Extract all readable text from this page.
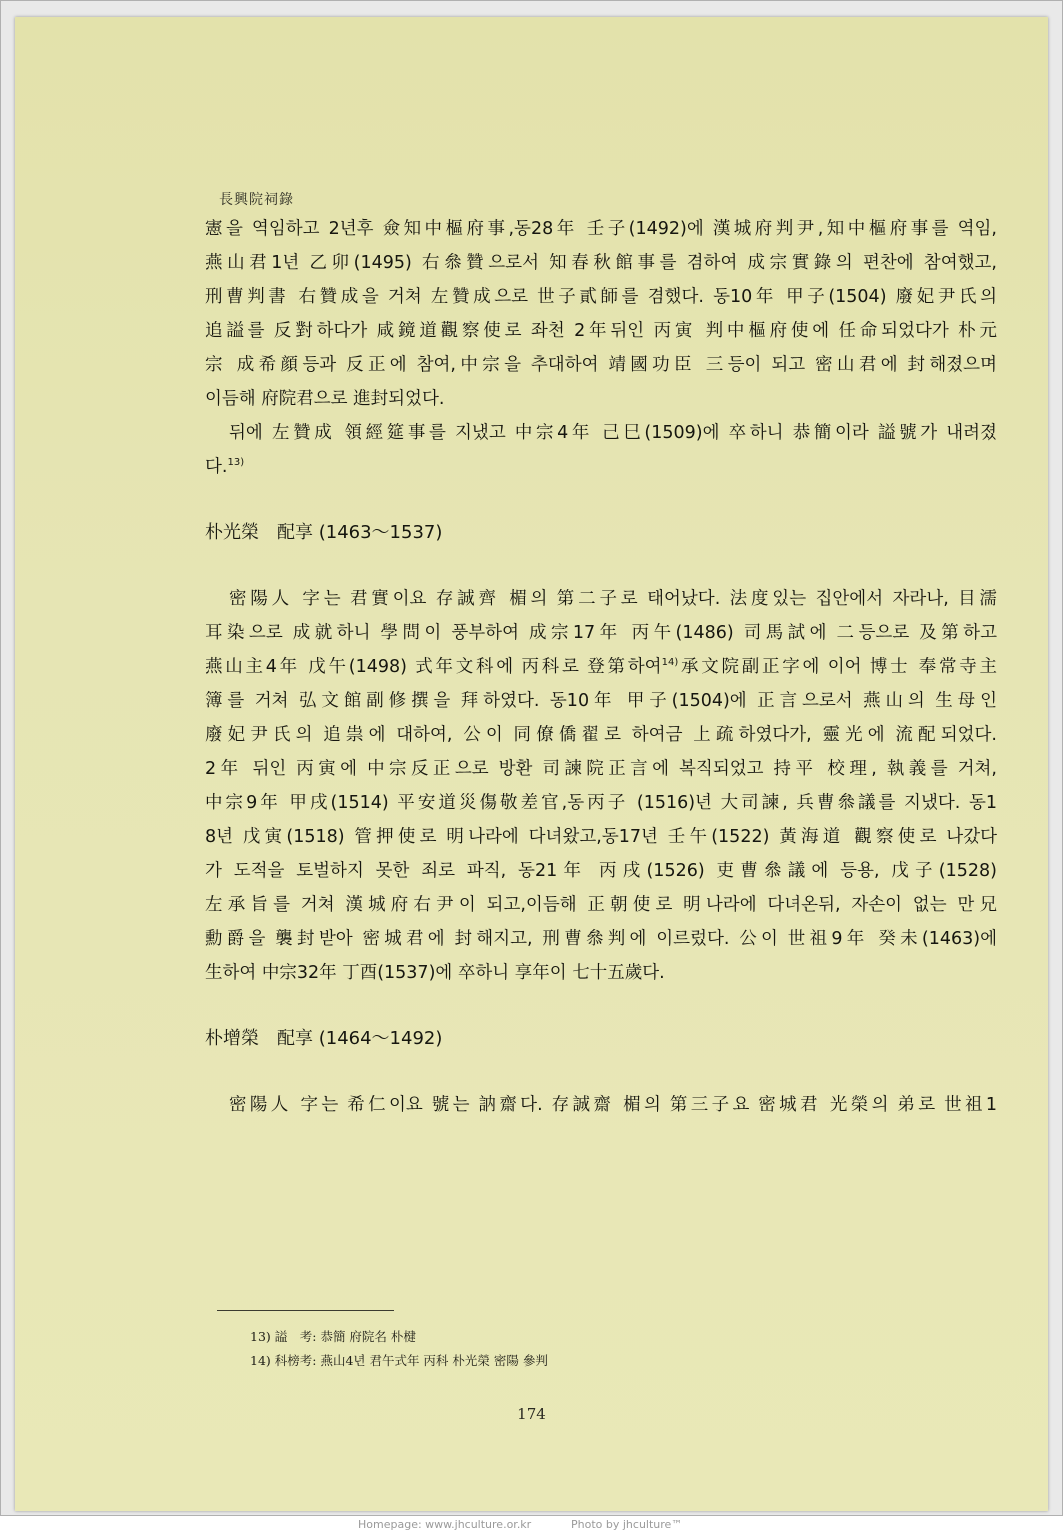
長興院祠錄
憲을 역임하고 2년후 僉知中樞府事,동28年 壬子(1492)에 漢城府判尹,知中樞府事를 역임,
燕山君1년 乙卯(1495) 右叅贊으로서 知春秋館事를 겸하여 成宗實錄의 편찬에 참여했고,
刑曹判書 右贊成을 거쳐 左贊成으로 世子貳師를 겸했다. 동10年 甲子(1504) 廢妃尹氏의
追謚를 反對하다가 咸鏡道觀察使로 좌천 2年뒤인 丙寅 判中樞府使에 任命되었다가 朴元
宗 成希顔등과 反正에 참여,中宗을 추대하여 靖國功臣 三등이 되고 密山君에 封해졌으며
이듬해 府院君으로 進封되었다.
뒤에 左贊成 領經筵事를 지냈고 中宗4年 己巳(1509)에 卒하니 恭簡이라 謚號가 내려졌
다.$^{13)}$
朴光榮　配享 (1463～1537)
密陽人 字는 君實이요 存誠齊 楣의 第二子로 태어났다. 法度있는 집안에서 자라나, 目濡
耳染으로 成就하니 學問이 풍부하여 成宗17年 丙午(1486) 司馬試에 二등으로 及第하고
燕山主4年 戊午(1498) 式年文科에 丙科로 登第하여$^{14)}$承文院副正字에 이어 博士 奉常寺主
簿를 거쳐 弘文館副修撰을 拜하였다. 동10年 甲子(1504)에 正言으로서 燕山의 生母인
廢妃尹氏의 追祟에 대하여, 公이 同僚僑翟로 하여금 上疏하였다가, 靈光에 流配되었다.
2年 뒤인 丙寅에 中宗反正으로 방환 司諫院正言에 복직되었고 持平 校理, 執義를 거쳐,
中宗9年 甲戌(1514) 平安道災傷敬差官,동丙子 (1516)년 大司諫, 兵曹叅議를 지냈다. 동1
8년 戊寅(1518) 管押使로 明나라에 다녀왔고,동17년 壬午(1522) 黃海道 觀察使로 나갔다
가 도적을 토벌하지 못한 죄로 파직, 동21年 丙戌(1526) 吏曹叅議에 등용, 戊子(1528)
左承旨를 거쳐 漢城府右尹이 되고,이듬해 正朝使로 明나라에 다녀온뒤, 자손이 없는 만兄
勳爵을 襲封받아 密城君에 封해지고, 刑曹叅判에 이르렀다. 公이 世祖9年 癸未(1463)에
生하여 中宗32年 丁酉(1537)에 卒하니 享年이 七十五歲다.
朴增榮　配享 (1464～1492)
密陽人 字는 希仁이요 號는 訥齋다. 存誠齋 楣의 第三子요 密城君 光榮의 弟로 世祖1
13) 謚　考: 恭簡 府院名 朴楗
14) 科榜考: 燕山4년 君午式年 丙科 朴光榮 密陽 參判
174
Homepage: www.jhculture.or.kr	Photo by jhculture™
